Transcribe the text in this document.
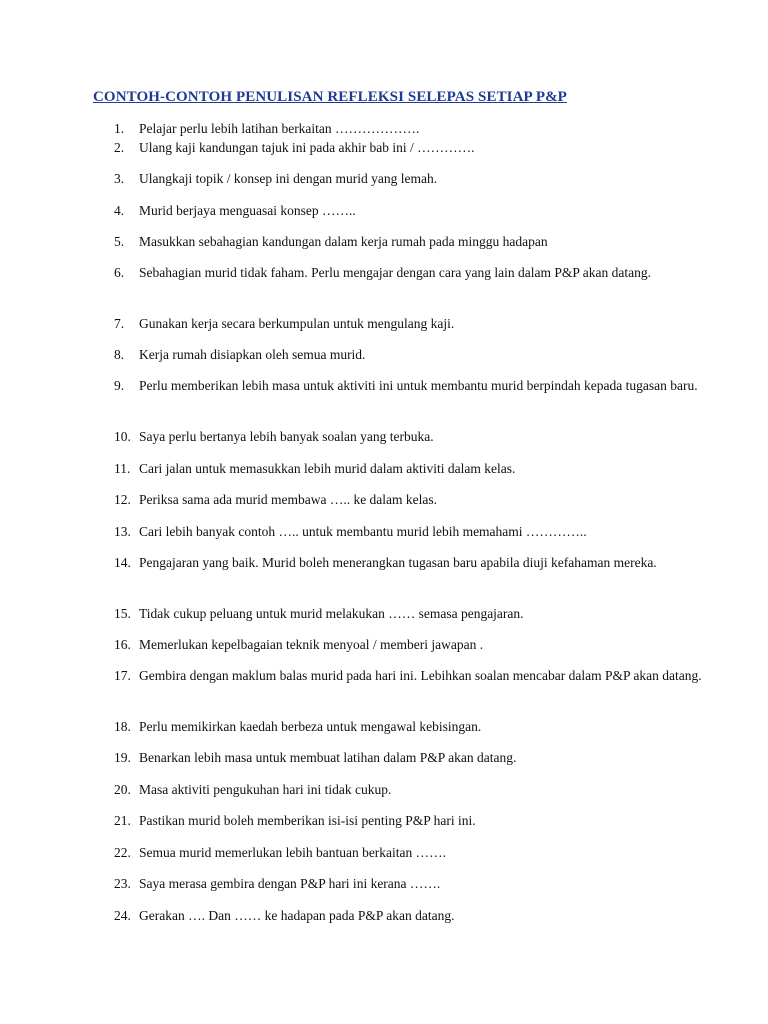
CONTOH-CONTOH PENULISAN REFLEKSI SELEPAS SETIAP P&P
1.	Pelajar perlu lebih latihan berkaitan ……………….
2.	Ulang kaji kandungan tajuk ini pada akhir bab ini / ………….
3.	Ulangkaji topik / konsep ini dengan murid yang lemah.
4.	Murid berjaya menguasai konsep ……..
5.	Masukkan sebahagian kandungan dalam kerja rumah pada minggu hadapan
6.	Sebahagian murid tidak faham. Perlu mengajar dengan cara yang lain dalam P&P akan datang.
7.	Gunakan kerja secara berkumpulan untuk mengulang kaji.
8.	Kerja rumah disiapkan oleh semua murid.
9.	Perlu memberikan lebih masa untuk aktiviti ini untuk membantu murid berpindah kepada tugasan baru.
10. Saya perlu bertanya lebih banyak soalan yang terbuka.
11. Cari jalan untuk memasukkan lebih murid dalam aktiviti dalam kelas.
12. Periksa sama ada murid membawa ….. ke dalam kelas.
13. Cari lebih banyak contoh ….. untuk membantu murid lebih memahami …………..
14. Pengajaran yang baik. Murid boleh menerangkan tugasan baru apabila diuji kefahaman mereka.
15. Tidak cukup peluang untuk murid melakukan …… semasa pengajaran.
16. Memerlukan kepelbagaian teknik menyoal / memberi jawapan .
17. Gembira dengan maklum balas murid pada hari ini. Lebihkan soalan mencabar dalam P&P akan datang.
18. Perlu memikirkan kaedah berbeza untuk mengawal kebisingan.
19. Benarkan lebih masa untuk membuat latihan dalam P&P akan datang.
20. Masa aktiviti pengukuhan hari ini tidak cukup.
21. Pastikan murid boleh memberikan isi-isi penting P&P hari ini.
22. Semua murid memerlukan lebih bantuan berkaitan …….
23. Saya merasa gembira dengan P&P hari ini kerana …….
24. Gerakan …. Dan …… ke hadapan pada P&P akan datang.
